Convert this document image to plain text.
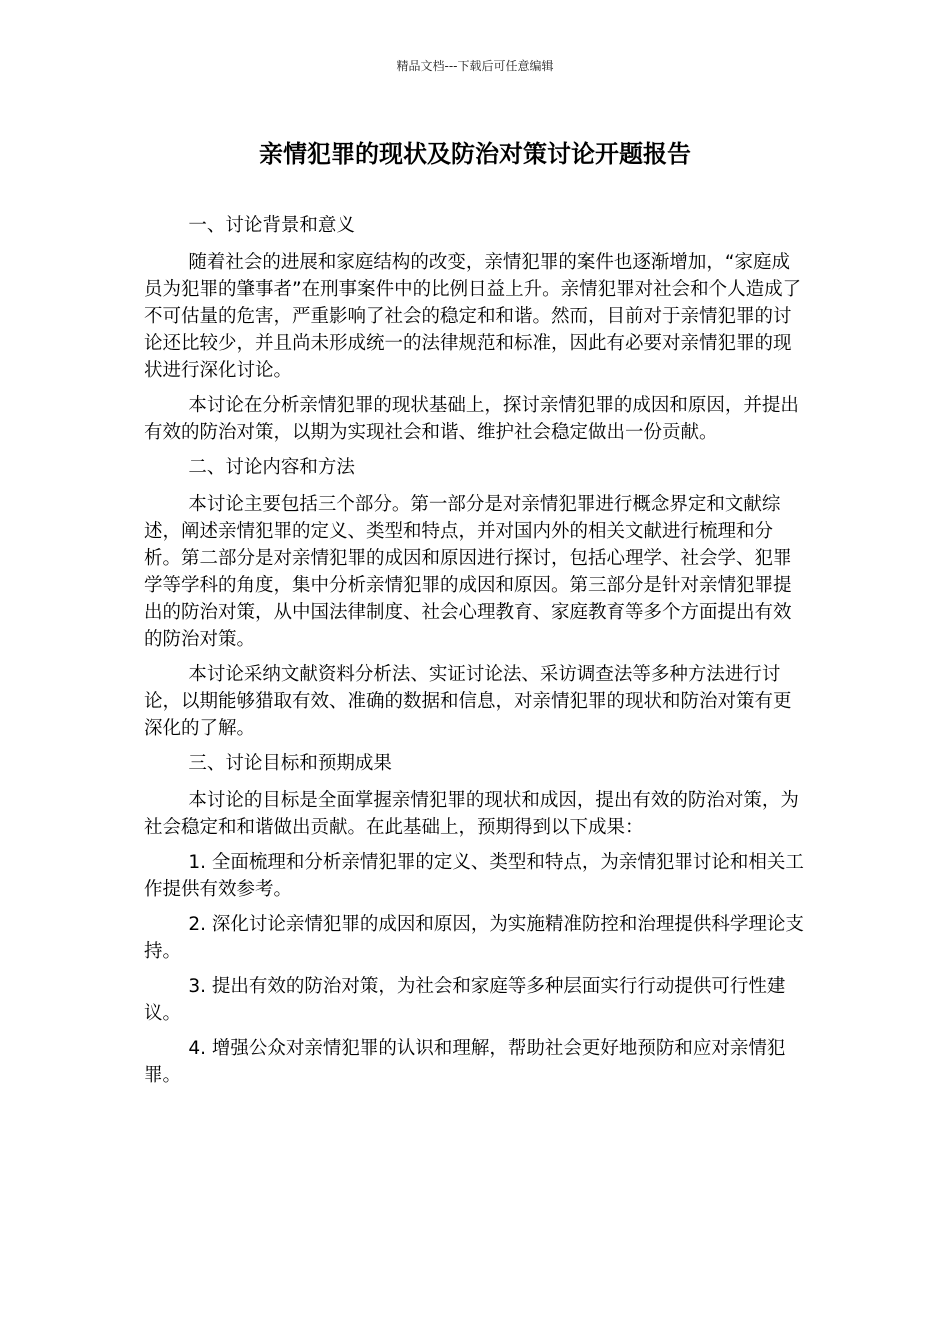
精品文档---下载后可任意编辑
亲情犯罪的现状及防治对策讨论开题报告

一、讨论背景和意义

随着社会的进展和家庭结构的改变，亲情犯罪的案件也逐渐增加，“家庭成员为犯罪的肇事者”在刑事案件中的比例日益上升。亲情犯罪对社会和个人造成了不可估量的危害，严重影响了社会的稳定和和谐。然而，目前对于亲情犯罪的讨论还比较少，并且尚未形成统一的法律规范和标准，因此有必要对亲情犯罪的现状进行深化讨论。

本讨论在分析亲情犯罪的现状基础上，探讨亲情犯罪的成因和原因，并提出有效的防治对策，以期为实现社会和谐、维护社会稳定做出一份贡献。

二、讨论内容和方法

本讨论主要包括三个部分。第一部分是对亲情犯罪进行概念界定和文献综述，阐述亲情犯罪的定义、类型和特点，并对国内外的相关文献进行梳理和分析。第二部分是对亲情犯罪的成因和原因进行探讨，包括心理学、社会学、犯罪学等学科的角度，集中分析亲情犯罪的成因和原因。第三部分是针对亲情犯罪提出的防治对策，从中国法律制度、社会心理教育、家庭教育等多个方面提出有效的防治对策。

本讨论采纳文献资料分析法、实证讨论法、采访调查法等多种方法进行讨论，以期能够猎取有效、准确的数据和信息，对亲情犯罪的现状和防治对策有更深化的了解。

三、讨论目标和预期成果

本讨论的目标是全面掌握亲情犯罪的现状和成因，提出有效的防治对策，为社会稳定和和谐做出贡献。在此基础上，预期得到以下成果：

1. 全面梳理和分析亲情犯罪的定义、类型和特点，为亲情犯罪讨论和相关工作提供有效参考。

2. 深化讨论亲情犯罪的成因和原因，为实施精准防控和治理提供科学理论支持。

3. 提出有效的防治对策，为社会和家庭等多种层面实行行动提供可行性建议。

4. 增强公众对亲情犯罪的认识和理解，帮助社会更好地预防和应对亲情犯罪。
